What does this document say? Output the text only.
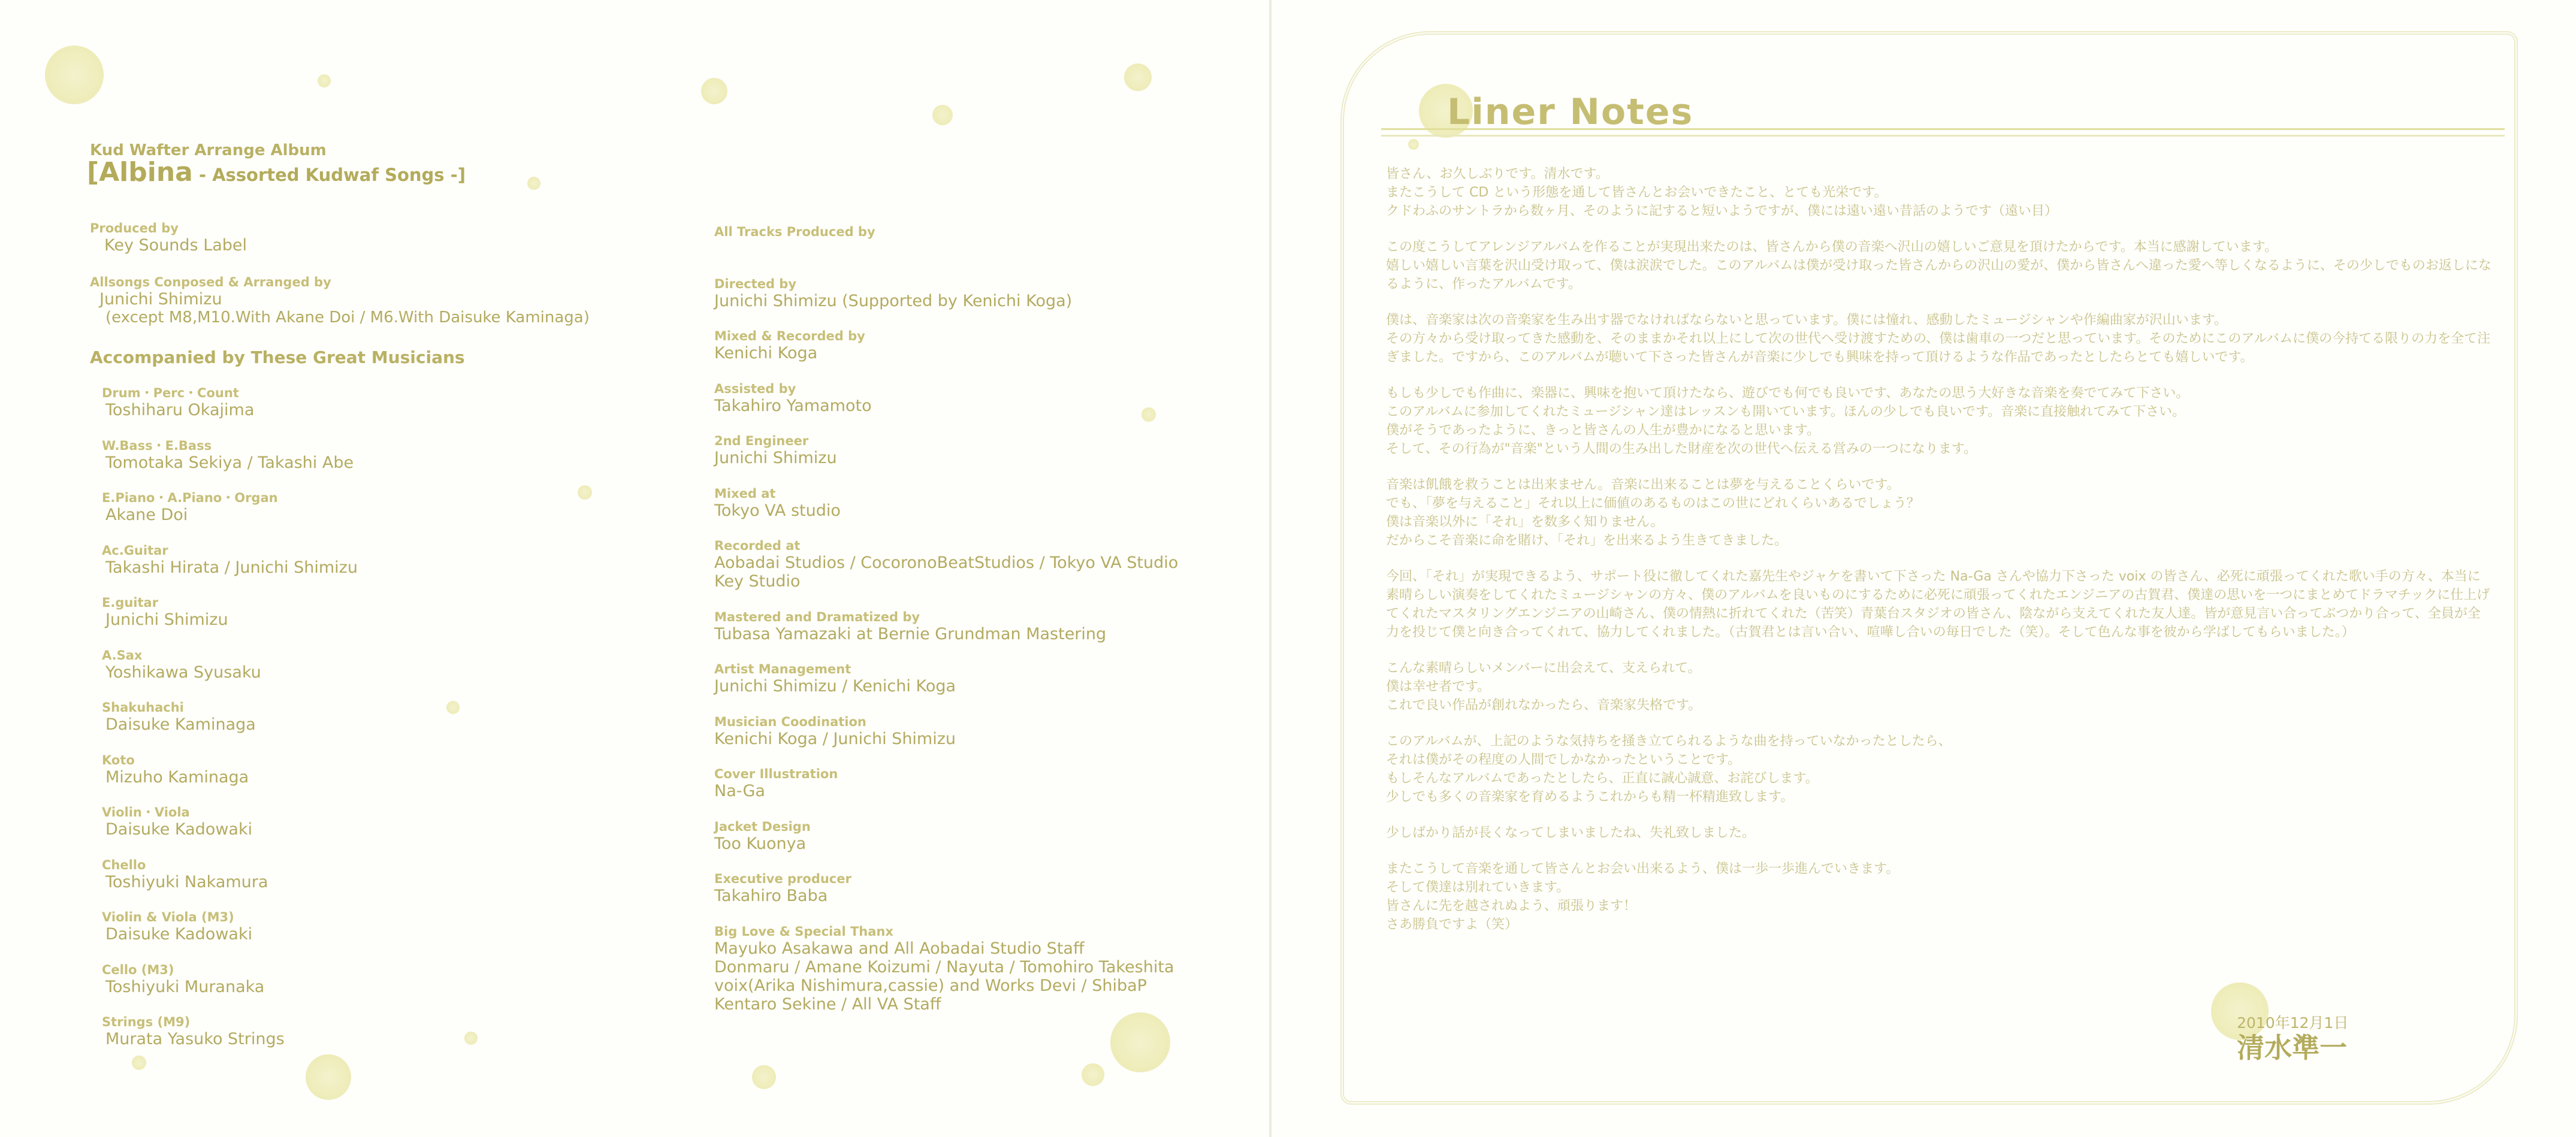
Kud Wafter Arrange Album
[Albina - Assorted Kudwaf Songs -]
Produced by
Key Sounds Label
Allsongs Conposed & Arranged by
Junichi Shimizu
(except M8,M10.With Akane Doi / M6.With Daisuke Kaminaga)
Accompanied by These Great Musicians
Drum・Perc・Count
Toshiharu Okajima
W.Bass・E.Bass
Tomotaka Sekiya / Takashi Abe
E.Piano・A.Piano・Organ
Akane Doi
Ac.Guitar
Takashi Hirata / Junichi Shimizu
E.guitar
Junichi Shimizu
A.Sax
Yoshikawa Syusaku
Shakuhachi
Daisuke Kaminaga
Koto
Mizuho Kaminaga
Violin・Viola
Daisuke Kadowaki
Chello
Toshiyuki Nakamura
Violin & Viola (M3)
Daisuke Kadowaki
Cello (M3)
Toshiyuki Muranaka
Strings (M9)
Murata Yasuko Strings
All Tracks Produced by
Directed by
Junichi Shimizu (Supported by Kenichi Koga)
Mixed & Recorded by
Kenichi Koga
Assisted by
Takahiro Yamamoto
2nd Engineer
Junichi Shimizu
Mixed at
Tokyo VA studio
Recorded at
Aobadai Studios / CocoronoBeatStudios / Tokyo VA Studio
Key Studio
Mastered and Dramatized by
Tubasa Yamazaki at Bernie Grundman Mastering
Artist Management
Junichi Shimizu / Kenichi Koga
Musician Coodination
Kenichi Koga / Junichi Shimizu
Cover Illustration
Na-Ga
Jacket Design
Too Kuonya
Executive producer
Takahiro Baba
Big Love & Special Thanx
Mayuko Asakawa and All Aobadai Studio Staff
Donmaru / Amane Koizumi / Nayuta / Tomohiro Takeshita
voix(Arika Nishimura,cassie) and Works Devi / ShibaP
Kentaro Sekine / All VA Staff
Liner Notes

皆さん、お久しぶりです。清水です。
またこうして CD という形態を通して皆さんとお会いできたこと、とても光栄です。
クドわふのサントラから数ヶ月、そのように記すると短いようですが、僕には遠い遠い昔話のようです（遠い目）

この度こうしてアレンジアルバムを作ることが実現出来たのは、皆さんから僕の音楽へ沢山の嬉しいご意見を頂けたからです。本当に感謝しています。
嬉しい嬉しい言葉を沢山受け取って、僕は涙涙でした。このアルバムは僕が受け取った皆さんからの沢山の愛が、僕から皆さんへ違った愛へ等しくなるように、その少しでものお返しになるように、作ったアルバムです。

僕は、音楽家は次の音楽家を生み出す器でなければならないと思っています。僕には憧れ、感動したミュージシャンや作編曲家が沢山います。
その方々から受け取ってきた感動を、そのままかそれ以上にして次の世代へ受け渡すための、僕は歯車の一つだと思っています。そのためにこのアルバムに僕の今持てる限りの力を全て注ぎました。ですから、このアルバムが聴いて下さった皆さんが音楽に少しでも興味を持って頂けるような作品であったとしたらとても嬉しいです。

もしも少しでも作曲に、楽器に、興味を抱いて頂けたなら、遊びでも何でも良いです、あなたの思う大好きな音楽を奏でてみて下さい。
このアルバムに参加してくれたミュージシャン達はレッスンも開いています。ほんの少しでも良いです。音楽に直接触れてみて下さい。
僕がそうであったように、きっと皆さんの人生が豊かになると思います。
そして、その行為が"音楽"という人間の生み出した財産を次の世代へ伝える営みの一つになります。

音楽は飢餓を救うことは出来ません。音楽に出来ることは夢を与えることくらいです。
でも、「夢を与えること」それ以上に価値のあるものはこの世にどれくらいあるでしょう？
僕は音楽以外に「それ」を数多く知りません。
だからこそ音楽に命を賭け、「それ」を出来るよう生きてきました。

今回、「それ」が実現できるよう、サポート役に徹してくれた嘉先生やジャケを書いて下さった Na-Ga さんや協力下さった voix の皆さん、必死に頑張ってくれた歌い手の方々、本当に素晴らしい演奏をしてくれたミュージシャンの方々、僕のアルバムを良いものにするために必死に頑張ってくれたエンジニアの古賀君、僕達の思いを一つにまとめてドラマチックに仕上げてくれたマスタリングエンジニアの山崎さん、僕の情熱に折れてくれた（苦笑）青葉台スタジオの皆さん、陰ながら支えてくれた友人達。皆が意見言い合ってぶつかり合って、全員が全力を投じて僕と向き合ってくれて、協力してくれました。（古賀君とは言い合い、喧嘩し合いの毎日でした（笑）。そして色んな事を彼から学ばしてもらいました。）

こんな素晴らしいメンバーに出会えて、支えられて。
僕は幸せ者です。
これで良い作品が創れなかったら、音楽家失格です。

このアルバムが、上記のような気持ちを掻き立てられるような曲を持っていなかったとしたら、
それは僕がその程度の人間でしかなかったということです。
もしそんなアルバムであったとしたら、正直に誠心誠意、お詫びします。
少しでも多くの音楽家を育めるようこれからも精一杯精進致します。

少しばかり話が長くなってしまいましたね、失礼致しました。

またこうして音楽を通して皆さんとお会い出来るよう、僕は一歩一歩進んでいきます。
そして僕達は別れていきます。
皆さんに先を越されぬよう、頑張ります！
さあ勝負ですよ（笑）

2010年12月1日
清水準一
